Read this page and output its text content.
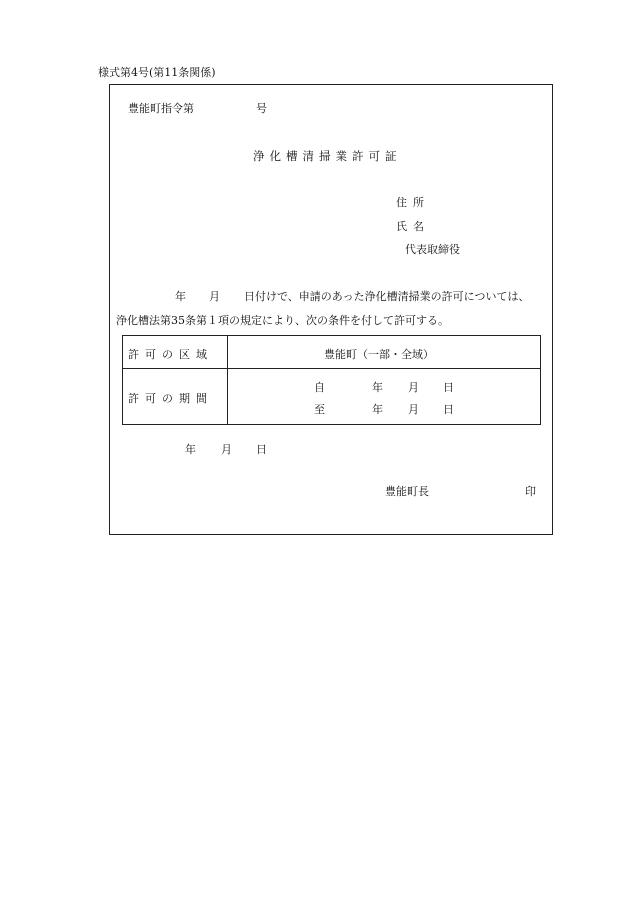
様式第4号(第11条関係)
豊能町指令第	号
浄化槽清掃業許可証
住所
氏名
代表取締役
年 月 日付けで、申請のあった浄化槽清掃業の許可については、
浄化槽法第35条第１項の規定により、次の条件を付して許可する。
許可の区域	豊能町（一部・全域）
許可の期間
自	年 月 日
至	年 月 日
年 月 日
豊能町長	印
